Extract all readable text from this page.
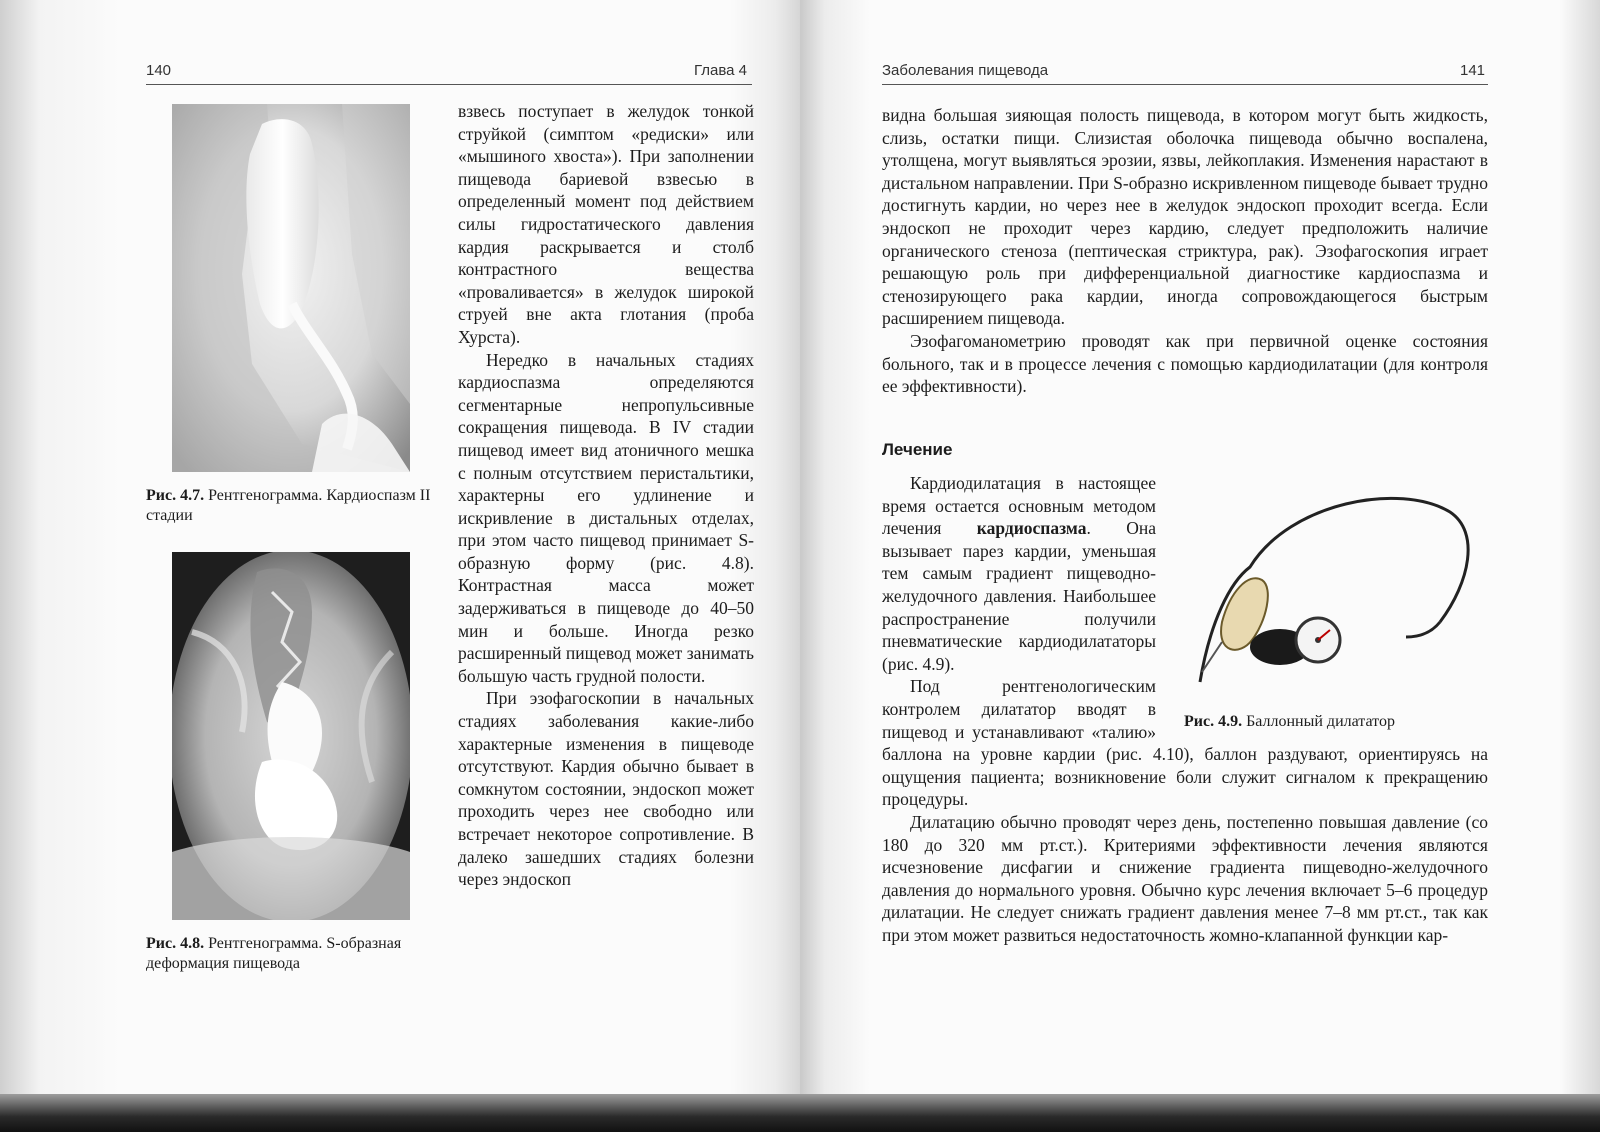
140	Глава 4
Рис. 4.7. Рентгенограмма. Кардиоспазм II стадии
Рис. 4.8. Рентгенограмма. S-образная деформация пищевода

взвесь поступает в желудок тонкой струйкой (симптом «редиски» или «мышиного хвоста»). При заполнении пищевода бариевой взвесью в определенный момент под действием силы гидростатического давления кардия раскрывается и столб контрастного вещества «проваливается» в желудок широкой струей вне акта глотания (проба Хурста).

Нередко в начальных стадиях кардиоспазма определяются сегментарные непропульсивные сокращения пищевода. В IV стадии пищевод имеет вид атоничного мешка с полным отсутствием перистальтики, характерны его удлинение и искривление в дистальных отделах, при этом часто пищевод принимает S-образную форму (рис. 4.8). Контрастная масса может задерживаться в пищеводе до 40–50 мин и больше. Иногда резко расширенный пищевод может занимать большую часть грудной полости.

При эзофагоскопии в начальных стадиях заболевания какие-либо характерные изменения в пищеводе отсутствуют. Кардия обычно бывает в сомкнутом состоянии, эндоскоп может проходить через нее свободно или встречает некоторое сопротивление. В далеко зашедших стадиях болезни через эндоскоп

Заболевания пищевода	141

видна большая зияющая полость пищевода, в котором могут быть жидкость, слизь, остатки пищи. Слизистая оболочка пищевода обычно воспалена, утолщена, могут выявляться эрозии, язвы, лейкоплакия. Изменения нарастают в дистальном направлении. При S-образно искривленном пищеводе бывает трудно достигнуть кардии, но через нее в желудок эндоскоп проходит всегда. Если эндоскоп не проходит через кардию, следует предположить наличие органического стеноза (пептическая стриктура, рак). Эзофагоскопия играет решающую роль при дифференциальной диагностике кардиоспазма и стенозирующего рака кардии, иногда сопровождающегося быстрым расширением пищевода.

Эзофагоманометрию проводят как при первичной оценке состояния больного, так и в процессе лечения с помощью кардиодилатации (для контроля ее эффективности).

Лечение
Рис. 4.9. Баллонный дилататор

Кардиодилатация в настоящее время остается основным методом лечения кардиоспазма. Она вызывает парез кардии, уменьшая тем самым градиент пищеводно-желудочного давления. Наибольшее распространение получили пневматические кардиодилататоры (рис. 4.9).

Под рентгенологическим контролем дилататор вводят в пищевод и устанавливают «талию» баллона на уровне кардии (рис. 4.10), баллон раздувают, ориентируясь на ощущения пациента; возникновение боли служит сигналом к прекращению процедуры.

Дилатацию обычно проводят через день, постепенно повышая давление (со 180 до 320 мм рт.ст.). Критериями эффективности лечения являются исчезновение дисфагии и снижение градиента пищеводно-желудочного давления до нормального уровня. Обычно курс лечения включает 5–6 процедур дилатации. Не следует снижать градиент давления менее 7–8 мм рт.ст., так как при этом может развиться недостаточность жомно-клапанной функции кар-
